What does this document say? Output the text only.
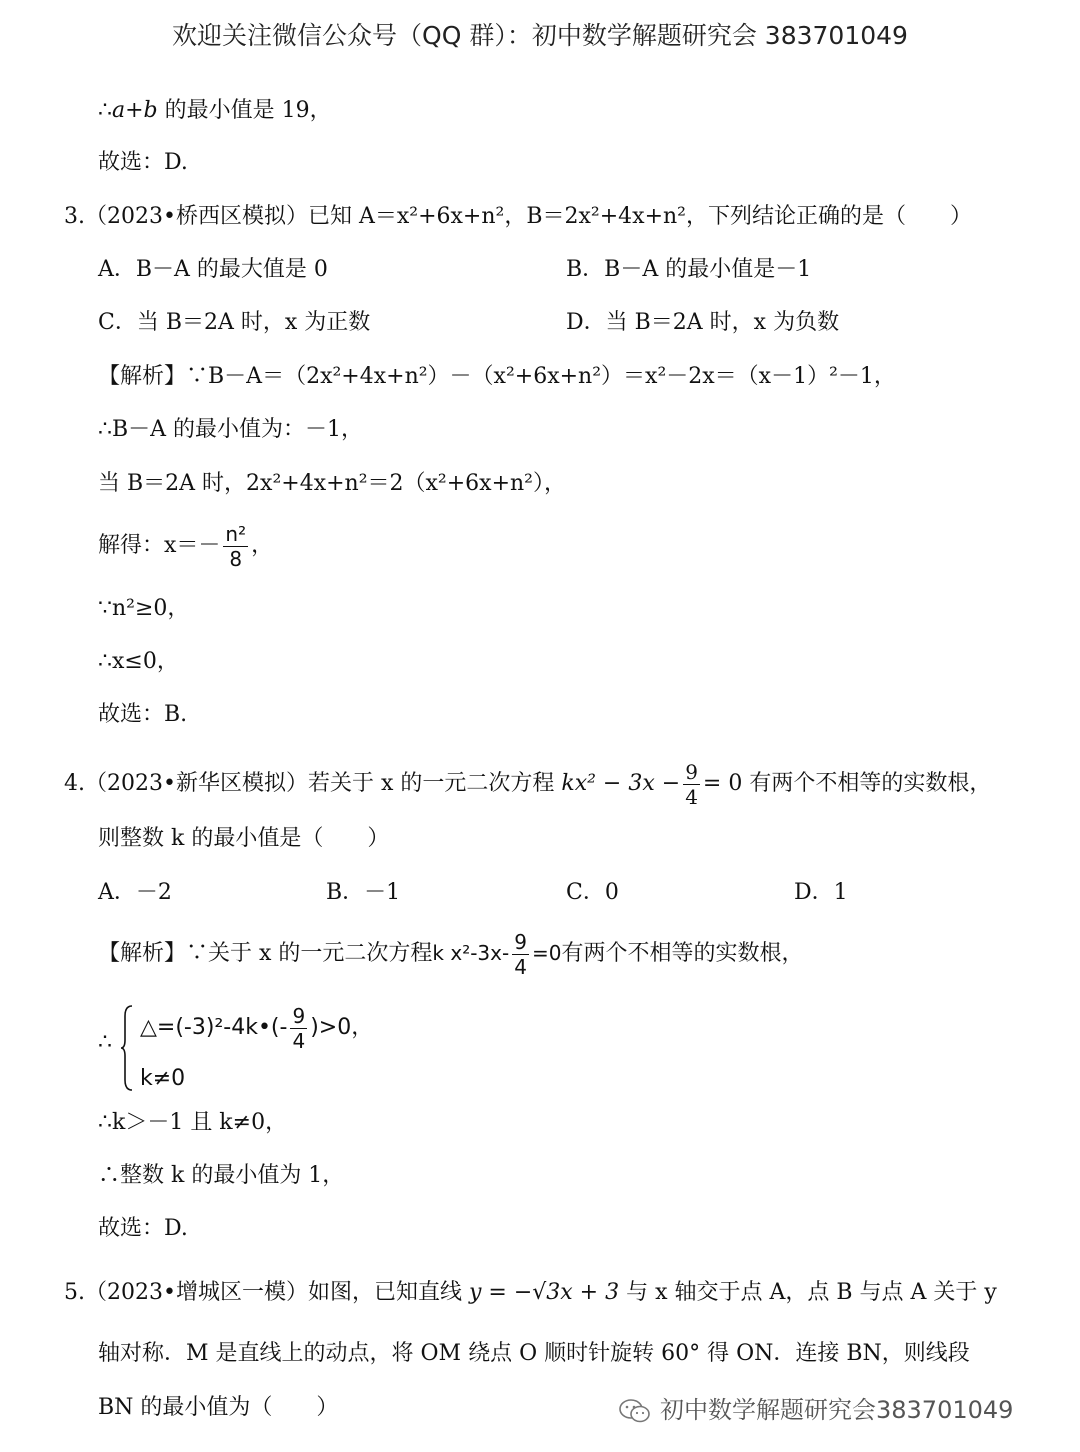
欢迎关注微信公众号（QQ 群）：初中数学解题研究会 383701049
∴a+b 的最小值是 19，
故选：D.
3.（2023•桥西区模拟）已知 A＝x²+6x+n²，B＝2x²+4x+n²，下列结论正确的是（　　）
A．B－A 的最大值是 0	B．B－A 的最小值是－1
C．当 B＝2A 时，x 为正数	D．当 B＝2A 时，x 为负数
【解析】∵B－A＝（2x²+4x+n²）－（x²+6x+n²）＝x²－2x＝（x－1）²－1，
∴B－A 的最小值为：－1，
当 B＝2A 时，2x²+4x+n²＝2（x²+6x+n²），
解得：$x=- \frac{\text{n²}}{8}$ ，
∵n²≥0，
∴x≤0，
故选：B.
4.（2023•新华区模拟）若关于 x 的一元二次方程 $kx^2 - 3x - \frac{9}{4} = 0$ 有两个不相等的实数根，
则整数 k 的最小值是（　　）
A．－2	B．－1	C．0	D．1
【解析】∵关于 x 的一元二次方程k $x^2-3x- \frac{9}{4} =0$有两个不相等的实数根，
∴
△=(-3)²-4k•(- $\frac{9}{4} )>0$，
k≠0
∴k＞－1 且 k≠0，
∴整数 k 的最小值为 1，
故选：D.
5.（2023•增城区一模）如图，已知直线 y = −√3x + 3 与 x 轴交于点 A，点 B 与点 A 关于 y
轴对称．M 是直线上的动点，将 OM 绕点 O 顺时针旋转 60° 得 ON．连接 BN，则线段
BN 的最小值为（　　）	初中数学解题研究会383701049
